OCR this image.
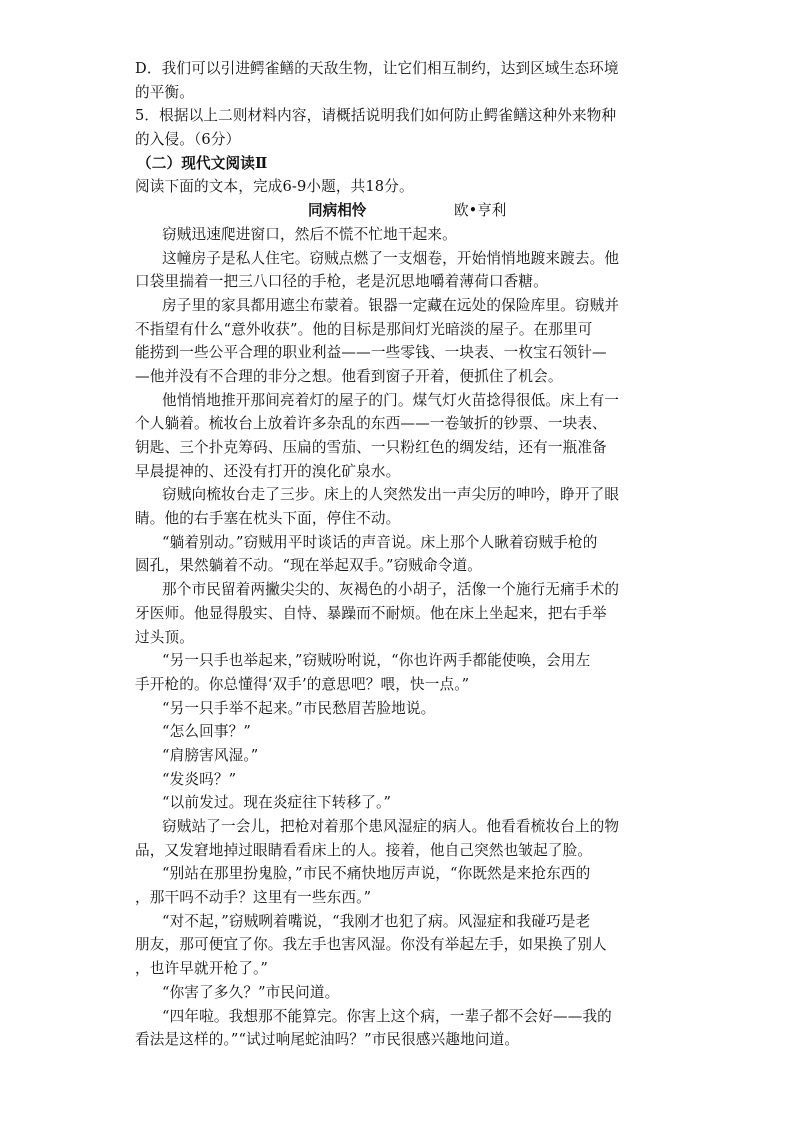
D．我们可以引进鳄雀鳝的天敌生物，让它们相互制约，达到区域生态环境
的平衡。
5．根据以上二则材料内容，请概括说明我们如何防止鳄雀鳝这种外来物种
的入侵。（6分）
（二）现代文阅读Ⅱ
阅读下面的文本，完成6-9小题，共18分。
同病相怜	欧•亨利
窃贼迅速爬进窗口，然后不慌不忙地干起来。
这幢房子是私人住宅。窃贼点燃了一支烟卷，开始悄悄地踱来踱去。他
口袋里揣着一把三八口径的手枪，老是沉思地嚼着薄荷口香糖。
房子里的家具都用遮尘布蒙着。银器一定藏在远处的保险库里。窃贼并
不指望有什么“意外收获”。他的目标是那间灯光暗淡的屋子。在那里可
能捞到一些公平合理的职业利益——一些零钱、一块表、一枚宝石领针—
—他并没有不合理的非分之想。他看到窗子开着，便抓住了机会。
他悄悄地推开那间亮着灯的屋子的门。煤气灯火苗捻得很低。床上有一
个人躺着。梳妆台上放着许多杂乱的东西——一卷皱折的钞票、一块表、
钥匙、三个扑克筹码、压扁的雪茄、一只粉红色的绸发结，还有一瓶准备
早晨提神的、还没有打开的溴化矿泉水。
窃贼向梳妆台走了三步。床上的人突然发出一声尖厉的呻吟，睁开了眼
睛。他的右手塞在枕头下面，停住不动。
“躺着别动。”窃贼用平时谈话的声音说。床上那个人瞅着窃贼手枪的
圆孔，果然躺着不动。“现在举起双手。”窃贼命令道。
那个市民留着两撇尖尖的、灰褐色的小胡子，活像一个施行无痛手术的
牙医师。他显得殷实、自恃、暴躁而不耐烦。他在床上坐起来，把右手举
过头顶。
“另一只手也举起来，”窃贼吩咐说，“你也许两手都能使唤，会用左
手开枪的。你总懂得‘双手’的意思吧？喂，快一点。”
“另一只手举不起来。”市民愁眉苦脸地说。
“怎么回事？”
“肩膀害风湿。”
“发炎吗？”
“以前发过。现在炎症往下转移了。”
窃贼站了一会儿，把枪对着那个患风湿症的病人。他看看梳妆台上的物
品，又发窘地掉过眼睛看看床上的人。接着，他自己突然也皱起了脸。
“别站在那里扮鬼脸，”市民不痛快地厉声说，“你既然是来抢东西的
，那干吗不动手？这里有一些东西。”
“对不起，”窃贼咧着嘴说，“我刚才也犯了病。风湿症和我碰巧是老
朋友，那可便宜了你。我左手也害风湿。你没有举起左手，如果换了别人
，也许早就开枪了。”
“你害了多久？”市民问道。
“四年啦。我想那不能算完。你害上这个病，一辈子都不会好——我的
看法是这样的。”“试过响尾蛇油吗？”市民很感兴趣地问道。
